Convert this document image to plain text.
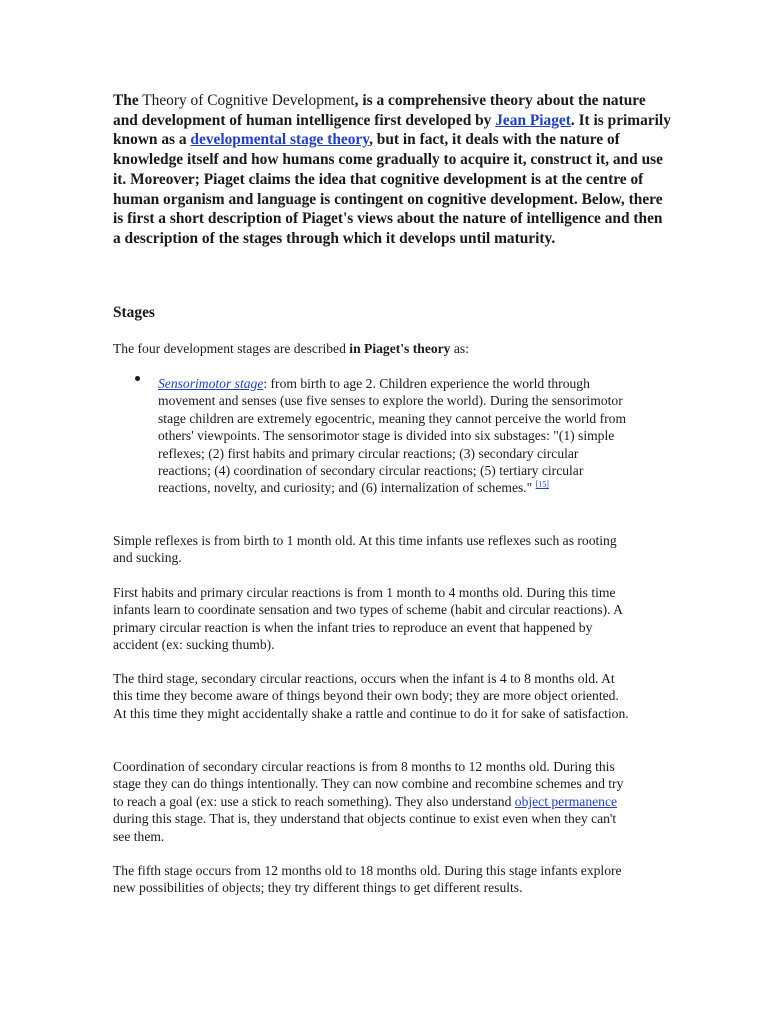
The Theory of Cognitive Development, is a comprehensive theory about the nature and development of human intelligence first developed by Jean Piaget. It is primarily known as a developmental stage theory, but in fact, it deals with the nature of knowledge itself and how humans come gradually to acquire it, construct it, and use it. Moreover; Piaget claims the idea that cognitive development is at the centre of human organism and language is contingent on cognitive development. Below, there is first a short description of Piaget's views about the nature of intelligence and then a description of the stages through which it develops until maturity.
Stages
The four development stages are described in Piaget's theory as:
Sensorimotor stage: from birth to age 2. Children experience the world through movement and senses (use five senses to explore the world). During the sensorimotor stage children are extremely egocentric, meaning they cannot perceive the world from others' viewpoints. The sensorimotor stage is divided into six substages: "(1) simple reflexes; (2) first habits and primary circular reactions; (3) secondary circular reactions; (4) coordination of secondary circular reactions; (5) tertiary circular reactions, novelty, and curiosity; and (6) internalization of schemes." [15]
Simple reflexes is from birth to 1 month old. At this time infants use reflexes such as rooting and sucking.
First habits and primary circular reactions is from 1 month to 4 months old. During this time infants learn to coordinate sensation and two types of scheme (habit and circular reactions). A primary circular reaction is when the infant tries to reproduce an event that happened by accident (ex: sucking thumb).
The third stage, secondary circular reactions, occurs when the infant is 4 to 8 months old. At this time they become aware of things beyond their own body; they are more object oriented. At this time they might accidentally shake a rattle and continue to do it for sake of satisfaction.
Coordination of secondary circular reactions is from 8 months to 12 months old. During this stage they can do things intentionally. They can now combine and recombine schemes and try to reach a goal (ex: use a stick to reach something). They also understand object permanence during this stage. That is, they understand that objects continue to exist even when they can't see them.
The fifth stage occurs from 12 months old to 18 months old. During this stage infants explore new possibilities of objects; they try different things to get different results.
